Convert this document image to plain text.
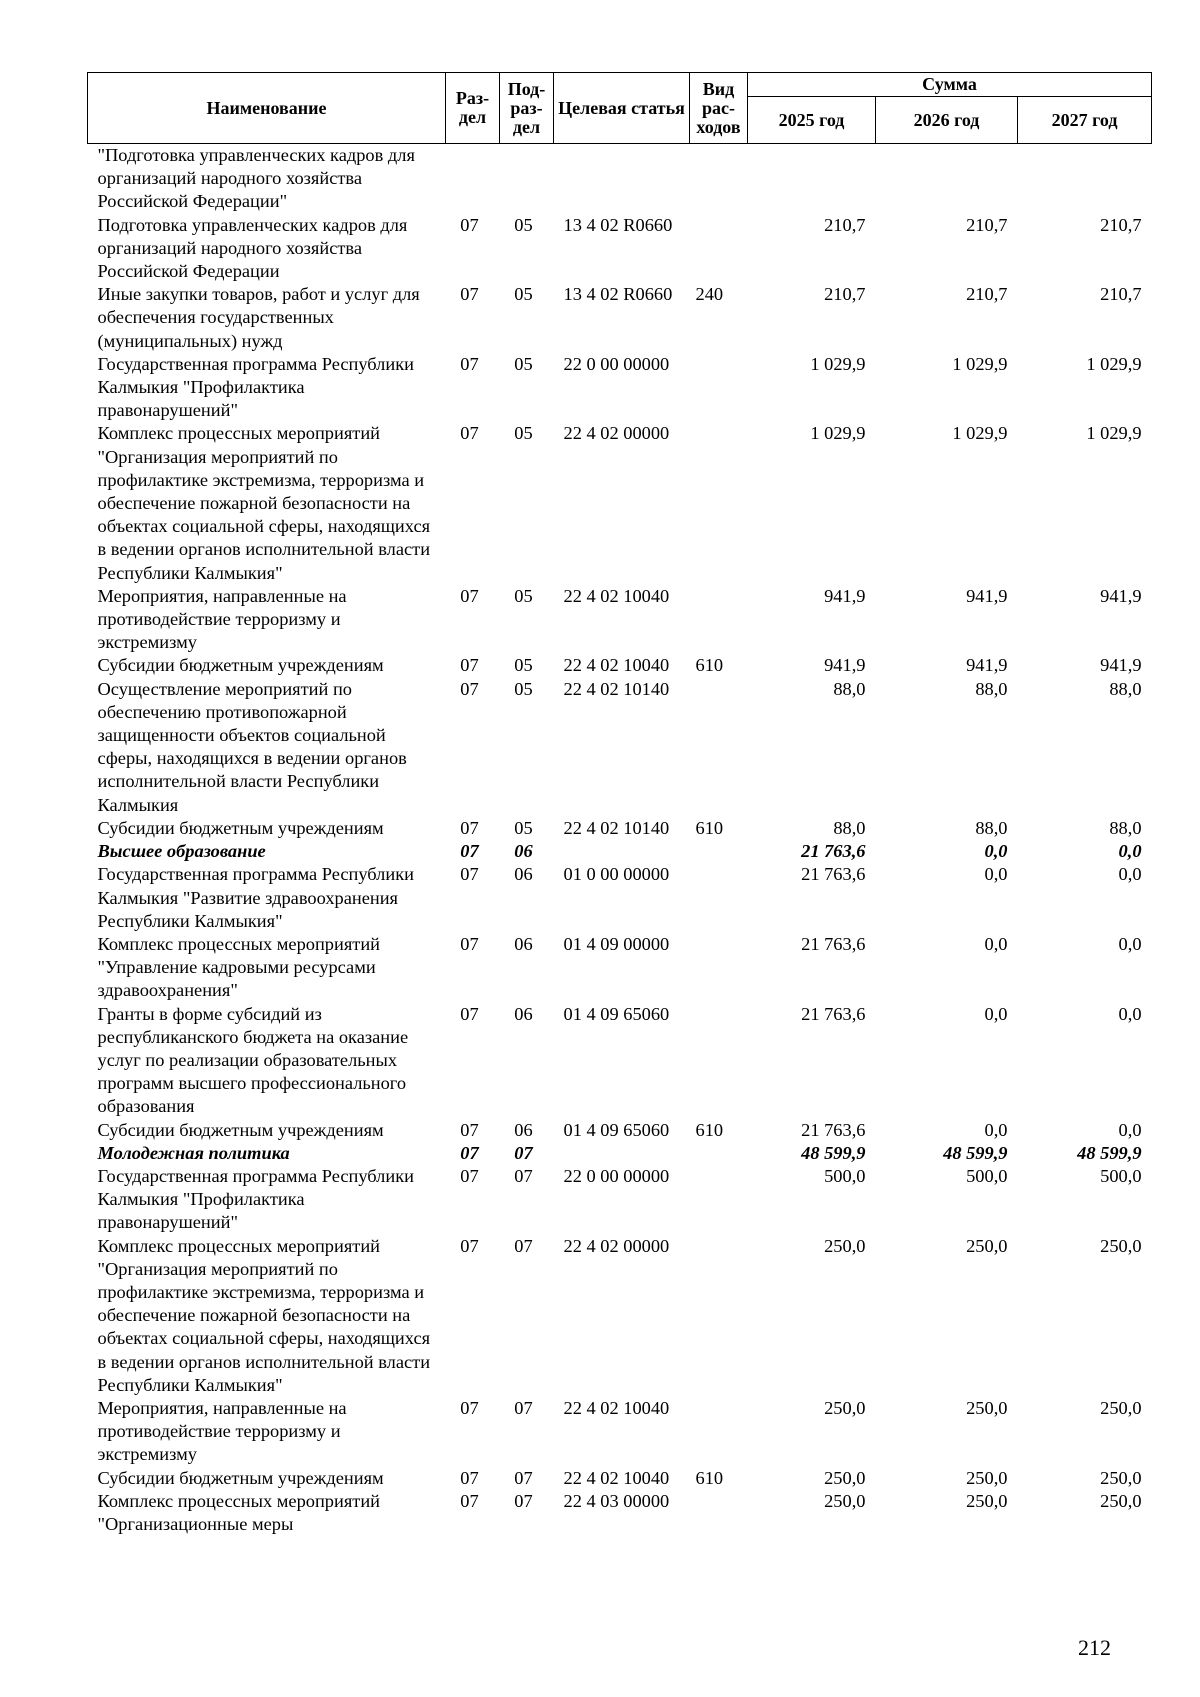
Наименование	Раз-дел	Под-раз-дел	Целевая статья	Вид рас-ходов	Сумма		
					2025 год	2026 год	2027 год
"Подготовка управленческих кадров для организаций народного хозяйства Российской Федерации"							
Подготовка управленческих кадров для организаций народного хозяйства Российской Федерации	07	05	13 4 02 R0660		210,7	210,7	210,7
Иные закупки товаров, работ и услуг для обеспечения государственных (муниципальных) нужд	07	05	13 4 02 R0660	240	210,7	210,7	210,7
Государственная программа Республики Калмыкия "Профилактика правонарушений"	07	05	22 0 00 00000		1 029,9	1 029,9	1 029,9
Комплекс процессных мероприятий "Организация мероприятий по профилактике экстремизма, терроризма и обеспечение пожарной безопасности на объектах социальной сферы, находящихся в ведении органов исполнительной власти Республики Калмыкия"	07	05	22 4 02 00000		1 029,9	1 029,9	1 029,9
Мероприятия, направленные на противодействие терроризму и экстремизму	07	05	22 4 02 10040		941,9	941,9	941,9
Субсидии бюджетным учреждениям	07	05	22 4 02 10040	610	941,9	941,9	941,9
Осуществление мероприятий по обеспечению противопожарной защищенности объектов социальной сферы, находящихся в ведении органов исполнительной власти Республики Калмыкия	07	05	22 4 02 10140		88,0	88,0	88,0
Субсидии бюджетным учреждениям	07	05	22 4 02 10140	610	88,0	88,0	88,0
Высшее образование	07	06			21 763,6	0,0	0,0
Государственная программа Республики Калмыкия "Развитие здравоохранения Республики Калмыкия"	07	06	01 0 00 00000		21 763,6	0,0	0,0
Комплекс процессных мероприятий "Управление кадровыми ресурсами здравоохранения"	07	06	01 4 09 00000		21 763,6	0,0	0,0
Гранты в форме субсидий из республиканского бюджета на оказание услуг по реализации образовательных программ высшего профессионального образования	07	06	01 4 09 65060		21 763,6	0,0	0,0
Субсидии бюджетным учреждениям	07	06	01 4 09 65060	610	21 763,6	0,0	0,0
Молодежная политика	07	07			48 599,9	48 599,9	48 599,9
Государственная программа Республики Калмыкия "Профилактика правонарушений"	07	07	22 0 00 00000		500,0	500,0	500,0
Комплекс процессных мероприятий "Организация мероприятий по профилактике экстремизма, терроризма и обеспечение пожарной безопасности на объектах социальной сферы, находящихся в ведении органов исполнительной власти Республики Калмыкия"	07	07	22 4 02 00000		250,0	250,0	250,0
Мероприятия, направленные на противодействие терроризму и экстремизму	07	07	22 4 02 10040		250,0	250,0	250,0
Субсидии бюджетным учреждениям	07	07	22 4 02 10040	610	250,0	250,0	250,0
Комплекс процессных мероприятий "Организационные меры	07	07	22 4 03 00000		250,0	250,0	250,0
212
